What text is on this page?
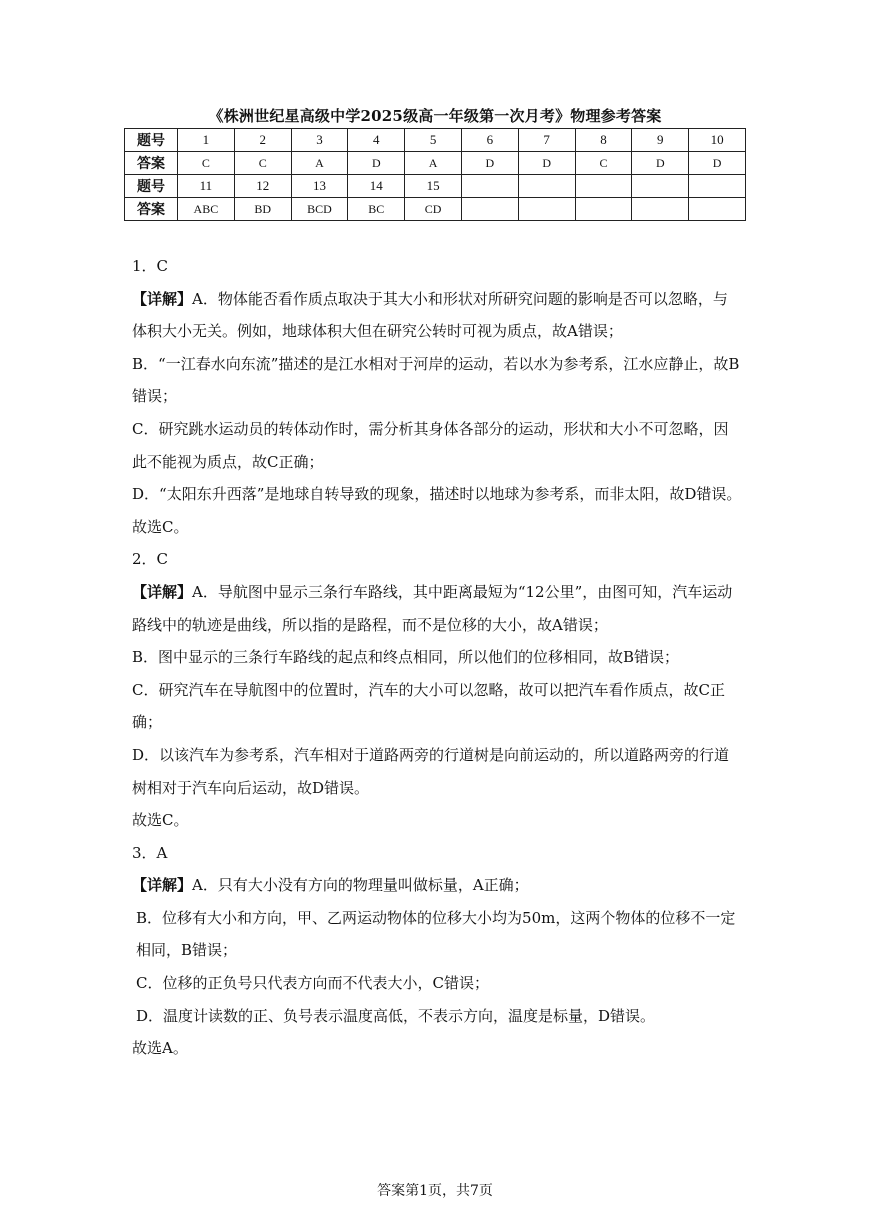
《株洲世纪星高级中学2025级高一年级第一次月考》物理参考答案
题号	1	2	3	4	5	6	7	8	9	10
答案	C	C	A	D	A	D	D	C	D	D
题号	11	12	13	14	15					
答案	ABC	BD	BCD	BC	CD					

1．C

【详解】A．物体能否看作质点取决于其大小和形状对所研究问题的影响是否可以忽略，与体积大小无关。例如，地球体积大但在研究公转时可视为质点，故A错误；

B．“一江春水向东流”描述的是江水相对于河岸的运动，若以水为参考系，江水应静止，故B错误；

C．研究跳水运动员的转体动作时，需分析其身体各部分的运动，形状和大小不可忽略，因此不能视为质点，故C正确；

D．“太阳东升西落”是地球自转导致的现象，描述时以地球为参考系，而非太阳，故D错误。

故选C。

2．C

【详解】A．导航图中显示三条行车路线，其中距离最短为“12公里”，由图可知，汽车运动路线中的轨迹是曲线，所以指的是路程，而不是位移的大小，故A错误；

B．图中显示的三条行车路线的起点和终点相同，所以他们的位移相同，故B错误；

C．研究汽车在导航图中的位置时，汽车的大小可以忽略，故可以把汽车看作质点，故C正确；

D．以该汽车为参考系，汽车相对于道路两旁的行道树是向前运动的，所以道路两旁的行道树相对于汽车向后运动，故D错误。

故选C。

3．A

【详解】A．只有大小没有方向的物理量叫做标量，A正确；

B．位移有大小和方向，甲、乙两运动物体的位移大小均为50m，这两个物体的位移不一定相同，B错误；

C．位移的正负号只代表方向而不代表大小，C错误；

D．温度计读数的正、负号表示温度高低，不表示方向，温度是标量，D错误。

故选A。

答案第1页，共7页
